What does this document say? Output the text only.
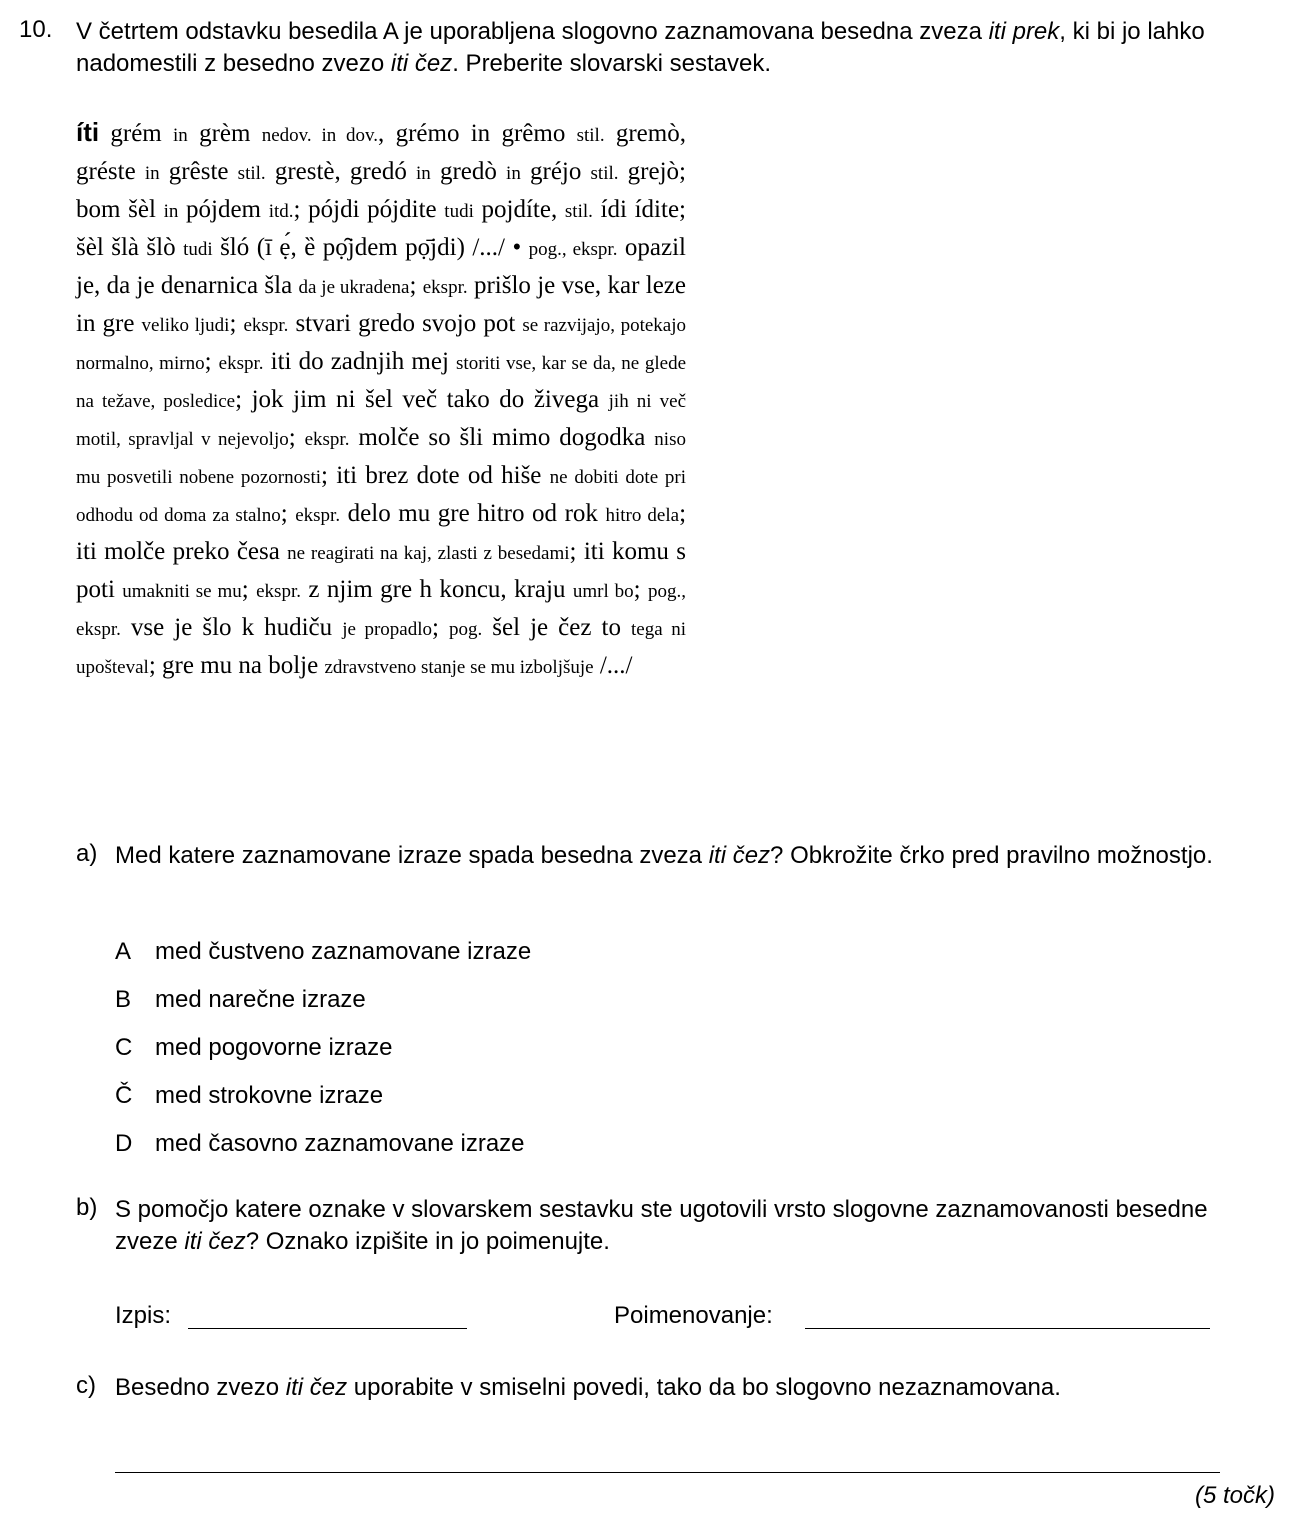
10. V četrtem odstavku besedila A je uporabljena slogovno zaznamovana besedna zveza iti prek, ki bi jo lahko nadomestili z besedno zvezo iti čez. Preberite slovarski sestavek.
íti grém in grèm nedov. in dov., grémo in grêmo stil. gremò, gréste in grêste stil. grestè, gredó in gredò in gréjo stil. grejò; bom šèl in pójdem itd.; pójdi pójdite tudi pojdíte, stil. ídi ídite; šèl šlà šlò tudi šló (ī ẹ́, ȅ pọ̑jdem pọ̄jdi) /.../ • pog., ekspr. opazil je, da je denarnica šla da je ukradena; ekspr. prišlo je vse, kar leze in gre veliko ljudi; ekspr. stvari gredo svojo pot se razvijajo, potekajo normalno, mirno; ekspr. iti do zadnjih mej storiti vse, kar se da, ne glede na težave, posledice; jok jim ni šel več tako do živega jih ni več motil, spravljal v nejevoljo; ekspr. molče so šli mimo dogodka niso mu posvetili nobene pozornosti; iti brez dote od hiše ne dobiti dote pri odhodu od doma za stalno; ekspr. delo mu gre hitro od rok hitro dela; iti molče preko česa ne reagirati na kaj, zlasti z besedami; iti komu s poti umakniti se mu; ekspr. z njim gre h koncu, kraju umrl bo; pog., ekspr. vse je šlo k hudiču je propadlo; pog. šel je čez to tega ni upošteval; gre mu na bolje zdravstveno stanje se mu izboljšuje /.../
a) Med katere zaznamovane izraze spada besedna zveza iti čez? Obkrožite črko pred pravilno možnostjo.
A med čustveno zaznamovane izraze
B med narečne izraze
C med pogovorne izraze
Č med strokovne izraze
D med časovno zaznamovane izraze
b) S pomočjo katere oznake v slovarskem sestavku ste ugotovili vrsto slogovne zaznamovanosti besedne zveze iti čez? Oznako izpišite in jo poimenujte.
Izpis:	Poimenovanje:
c) Besedno zvezo iti čez uporabite v smiselni povedi, tako da bo slogovno nezaznamovana.
(5 točk)
